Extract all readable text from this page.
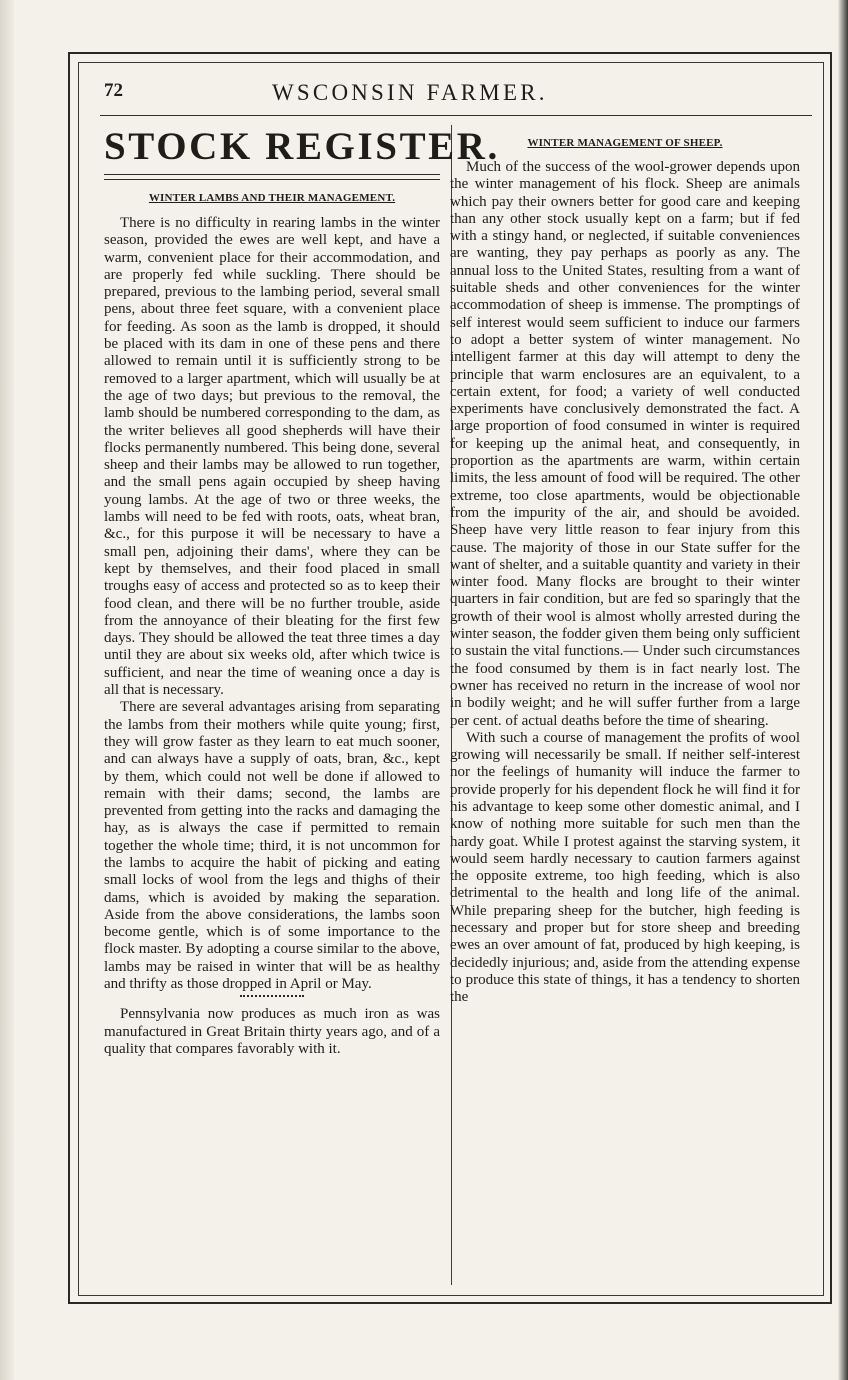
72	WSCONSIN FARMER.
STOCK REGISTER.
WINTER LAMBS AND THEIR MANAGEMENT.

There is no difficulty in rearing lambs in the winter season, provided the ewes are well kept, and have a warm, convenient place for their accommodation, and are properly fed while suckling. There should be prepared, previous to the lambing period, several small pens, about three feet square, with a convenient place for feeding. As soon as the lamb is dropped, it should be placed with its dam in one of these pens and there allowed to remain until it is sufficiently strong to be removed to a larger apartment, which will usually be at the age of two days; but previous to the removal, the lamb should be numbered corresponding to the dam, as the writer believes all good shepherds will have their flocks permanently numbered. This being done, several sheep and their lambs may be allowed to run together, and the small pens again occupied by sheep having young lambs. At the age of two or three weeks, the lambs will need to be fed with roots, oats, wheat bran, &c., for this purpose it will be necessary to have a small pen, adjoining their dams', where they can be kept by themselves, and their food placed in small troughs easy of access and protected so as to keep their food clean, and there will be no further trouble, aside from the annoyance of their bleating for the first few days. They should be allowed the teat three times a day until they are about six weeks old, after which twice is sufficient, and near the time of weaning once a day is all that is necessary.

There are several advantages arising from separating the lambs from their mothers while quite young; first, they will grow faster as they learn to eat much sooner, and can always have a supply of oats, bran, &c., kept by them, which could not well be done if allowed to remain with their dams; second, the lambs are prevented from getting into the racks and damaging the hay, as is always the case if permitted to remain together the whole time; third, it is not uncommon for the lambs to acquire the habit of picking and eating small locks of wool from the legs and thighs of their dams, which is avoided by making the separation. Aside from the above considerations, the lambs soon become gentle, which is of some importance to the flock master. By adopting a course similar to the above, lambs may be raised in winter that will be as healthy and thrifty as those dropped in April or May.

Pennsylvania now produces as much iron as was manufactured in Great Britain thirty years ago, and of a quality that compares favorably with it.

WINTER MANAGEMENT OF SHEEP.

Much of the success of the wool-grower depends upon the winter management of his flock. Sheep are animals which pay their owners better for good care and keeping than any other stock usually kept on a farm; but if fed with a stingy hand, or neglected, if suitable conveniences are wanting, they pay perhaps as poorly as any. The annual loss to the United States, resulting from a want of suitable sheds and other conveniences for the winter accommodation of sheep is immense. The promptings of self interest would seem sufficient to induce our farmers to adopt a better system of winter management. No intelligent farmer at this day will attempt to deny the principle that warm enclosures are an equivalent, to a certain extent, for food; a variety of well conducted experiments have conclusively demonstrated the fact. A large proportion of food consumed in winter is required for keeping up the animal heat, and consequently, in proportion as the apartments are warm, within certain limits, the less amount of food will be required. The other extreme, too close apartments, would be objectionable from the impurity of the air, and should be avoided. Sheep have very little reason to fear injury from this cause. The majority of those in our State suffer for the want of shelter, and a suitable quantity and variety in their winter food. Many flocks are brought to their winter quarters in fair condition, but are fed so sparingly that the growth of their wool is almost wholly arrested during the winter season, the fodder given them being only sufficient to sustain the vital functions.— Under such circumstances the food consumed by them is in fact nearly lost. The owner has received no return in the increase of wool nor in bodily weight; and he will suffer further from a large per cent. of actual deaths before the time of shearing.

With such a course of management the profits of wool growing will necessarily be small. If neither self-interest nor the feelings of humanity will induce the farmer to provide properly for his dependent flock he will find it for his advantage to keep some other domestic animal, and I know of nothing more suitable for such men than the hardy goat. While I protest against the starving system, it would seem hardly necessary to caution farmers against the opposite extreme, too high feeding, which is also detrimental to the health and long life of the animal. While preparing sheep for the butcher, high feeding is necessary and proper but for store sheep and breeding ewes an over amount of fat, produced by high keeping, is decidedly injurious; and, aside from the attending expense to produce this state of things, it has a tendency to shorten the
